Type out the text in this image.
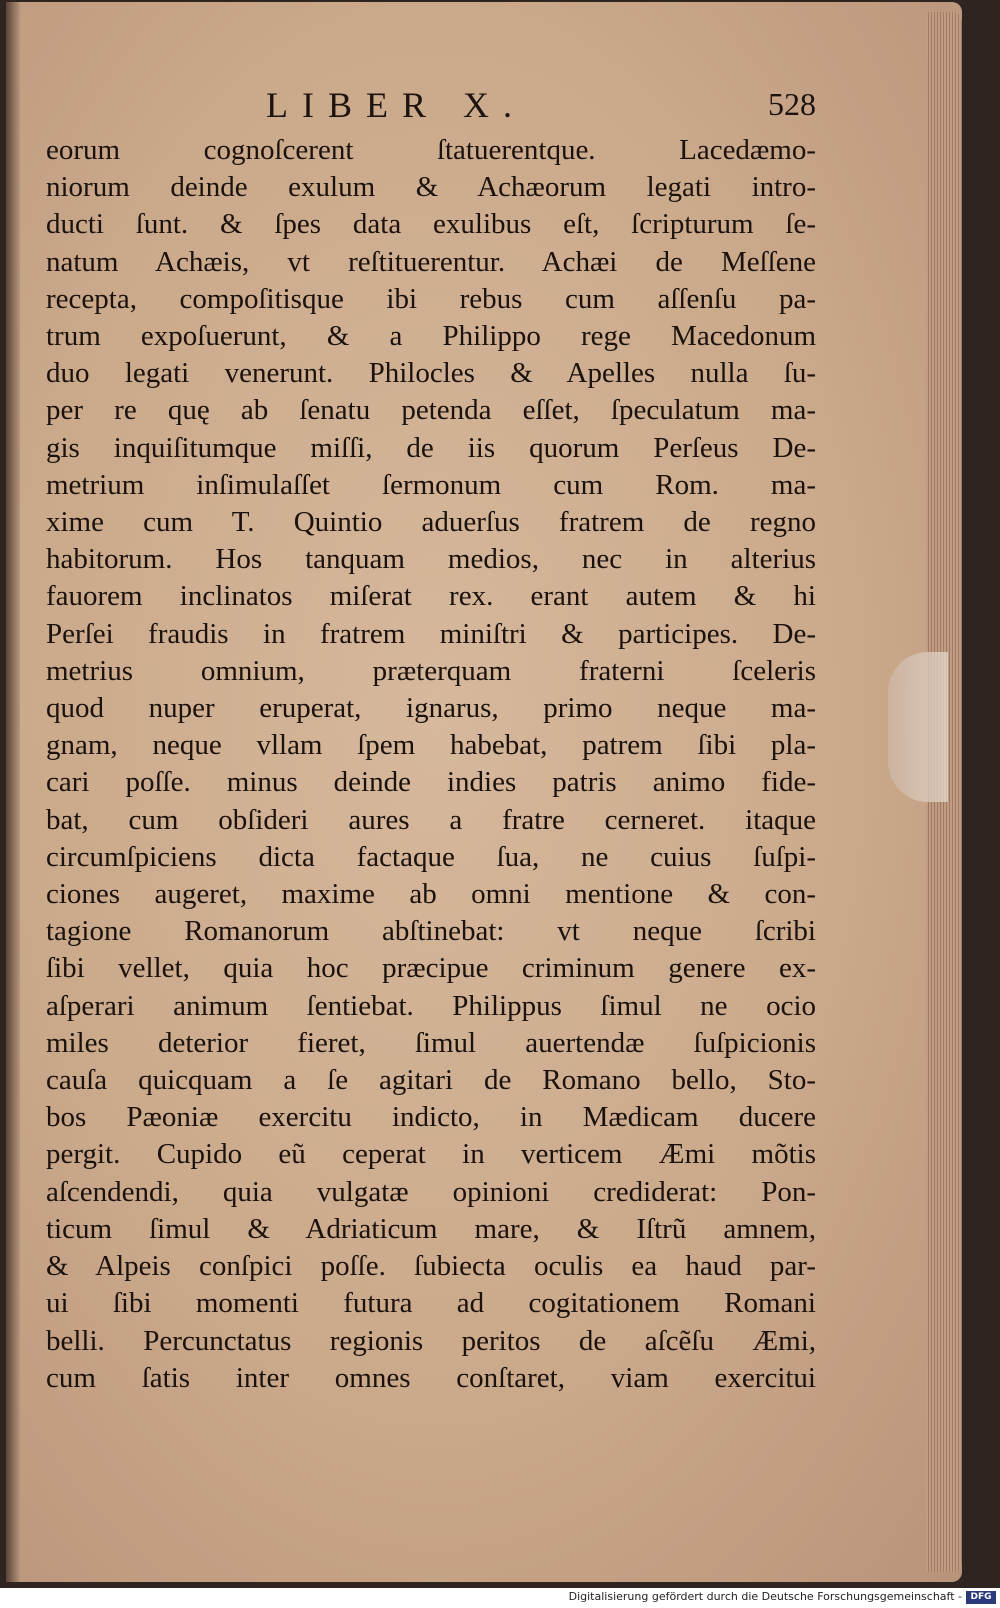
LIBER X.	528
eorum cognoſcerent ſtatuerentque. Lacedæmo-
niorum deinde exulum & Achæorum legati intro-
ducti ſunt. & ſpes data exulibus eſt, ſcripturum ſe-
natum Achæis, vt reſtituerentur. Achæi de Meſſene
recepta, compoſitisque ibi rebus cum aſſenſu pa-
trum expoſuerunt, & a Philippo rege Macedonum
duo legati venerunt. Philocles & Apelles nulla ſu-
per re quę ab ſenatu petenda eſſet, ſpeculatum ma-
gis inquiſitumque miſſi, de iis quorum Perſeus De-
metrium inſimulaſſet ſermonum cum Rom. ma-
xime cum T. Quintio aduerſus fratrem de regno
habitorum. Hos tanquam medios, nec in alterius
fauorem inclinatos miſerat rex. erant autem & hi
Perſei fraudis in fratrem miniſtri & participes. De-
metrius omnium, præterquam fraterni ſceleris
quod nuper eruperat, ignarus, primo neque ma-
gnam, neque vllam ſpem habebat, patrem ſibi pla-
cari poſſe. minus deinde indies patris animo fide-
bat, cum obſideri aures a fratre cerneret. itaque
circumſpiciens dicta factaque ſua, ne cuius ſuſpi-
ciones augeret, maxime ab omni mentione & con-
tagione Romanorum abſtinebat: vt neque ſcribi
ſibi vellet, quia hoc præcipue criminum genere ex-
aſperari animum ſentiebat. Philippus ſimul ne ocio
miles deterior fieret, ſimul auertendæ ſuſpicionis
cauſa quicquam a ſe agitari de Romano bello, Sto-
bos Pæoniæ exercitu indicto, in Mædicam ducere
pergit. Cupido eũ ceperat in verticem Æmi mõtis
aſcendendi, quia vulgatæ opinioni crediderat: Pon-
ticum ſimul & Adriaticum mare, & Iſtrũ amnem,
& Alpeis conſpici poſſe. ſubiecta oculis ea haud par-
ui ſibi momenti futura ad cogitationem Romani
belli. Percunctatus regionis peritos de aſcẽſu Æmi,
cum ſatis inter omnes conſtaret, viam exercitui
Digitalisierung gefördert durch die Deutsche Forschungsgemeinschaft - DFG
